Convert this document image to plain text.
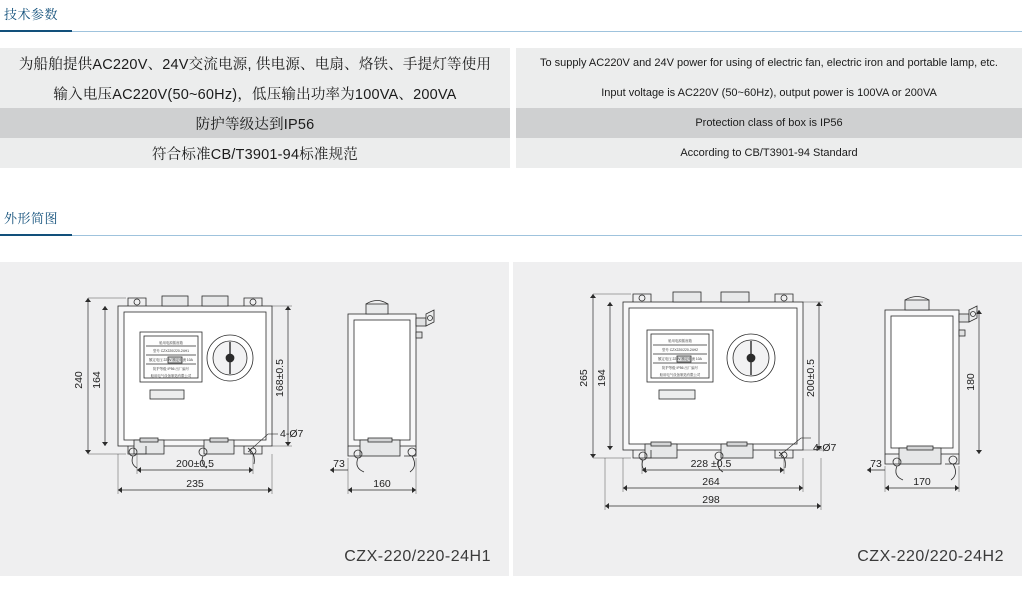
技术参数
为船舶提供AC220V、24V交流电源, 供电源、电扇、烙铁、手提灯等使用
输入电压AC220V(50~60Hz)，低压输出功率为100VA、200VA
防护等级达到IP56
符合标准CB/T3901-94标准规范
To supply AC220V and 24V power for using of electric fan, electric iron and portable lamp, etc.
Input voltage is AC220V (50~60Hz), output power is 100VA or 200VA
Protection class of box is IP56
According to CB/T3901-94 Standard
外形简图
240 164	168±0.5
200±0.5
235
4-Ø7
73
160
船用电源插座箱
型号 CZX220/220-24H1
额定电压 220V 额定电流 10A
防护等级 IP56 出厂编号
船用电气设备制造有限公司
CZX-220/220-24H1
265 194	200±0.5
228 ±0.5
264
298
4-Ø7
180
73
170
船用电源插座箱
型号 CZX220/220-24H2
额定电压 220V 额定电流 10A
防护等级 IP56 出厂编号
船用电气设备制造有限公司
CZX-220/220-24H2
